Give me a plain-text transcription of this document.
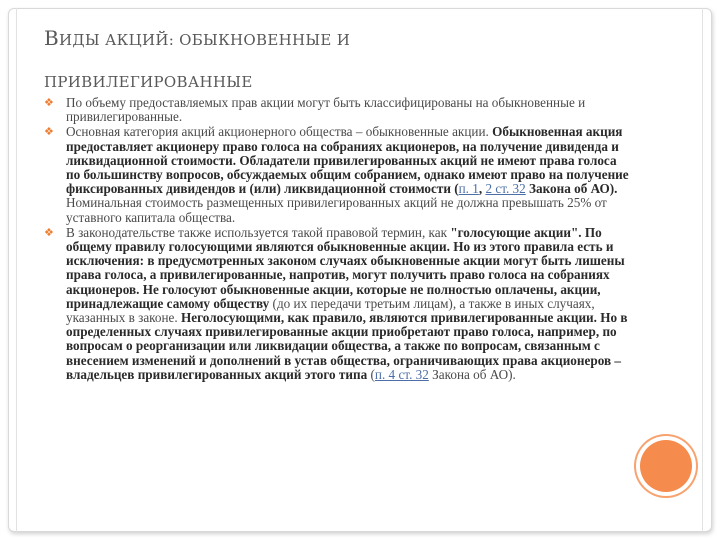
ВИДЫ АКЦИЙ: ОБЫКНОВЕННЫЕ И
ПРИВИЛЕГИРОВАННЫЕ
❖ По объему предоставляемых прав акции могут быть классифицированы на обыкновенные и привилегированные.
❖ Основная категория акций акционерного общества – обыкновенные акции. Обыкновенная акция предоставляет акционеру право голоса на собраниях акционеров, на получение дивиденда и ликвидационной стоимости. Обладатели привилегированных акций не имеют права голоса по большинству вопросов, обсуждаемых общим собранием, однако имеют право на получение фиксированных дивидендов и (или) ликвидационной стоимости (п. 1, 2 ст. 32 Закона об АО). Номинальная стоимость размещенных привилегированных акций не должна превышать 25% от уставного капитала общества.
❖ В законодательстве также используется такой правовой термин, как "голосующие акции". По общему правилу голосующими являются обыкновенные акции. Но из этого правила есть и исключения: в предусмотренных законом случаях обыкновенные акции могут быть лишены права голоса, а привилегированные, напротив, могут получить право голоса на собраниях акционеров. Не голосуют обыкновенные акции, которые не полностью оплачены, акции, принадлежащие самому обществу (до их передачи третьим лицам), а также в иных случаях, указанных в законе. Неголосующими, как правило, являются привилегированные акции. Но в определенных случаях привилегированные акции приобретают право голоса, например, по вопросам о реорганизации или ликвидации общества, а также по вопросам, связанным с внесением изменений и дополнений в устав общества, ограничивающих права акционеров – владельцев привилегированных акций этого типа (п. 4 ст. 32 Закона об АО).
